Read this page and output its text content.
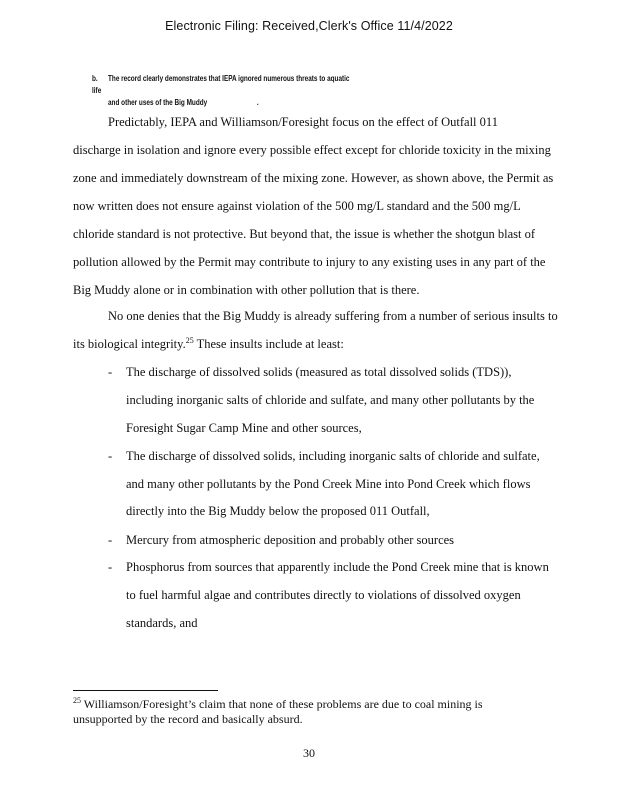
Electronic Filing: Received,Clerk's Office 11/4/2022
b. The record clearly demonstrates that IEPA ignored numerous threats to aquatic life
and other uses of the Big Muddy	.
Predictably, IEPA and Williamson/Foresight focus on the effect of Outfall 011
discharge in isolation and ignore every possible effect except for chloride toxicity in the mixing
zone and immediately downstream of the mixing zone. However, as shown above, the Permit as
now written does not ensure against violation of the 500 mg/L standard and the 500 mg/L
chloride standard is not protective. But beyond that, the issue is whether the shotgun blast of
pollution allowed by the Permit may contribute to injury to any existing uses in any part of the
Big Muddy alone or in combination with other pollution that is there.
No one denies that the Big Muddy is already suffering from a number of serious insults to
its biological integrity.$^{25}$ These insults include at least:
- The discharge of dissolved solids (measured as total dissolved solids (TDS)),
including inorganic salts of chloride and sulfate, and many other pollutants by the
Foresight Sugar Camp Mine and other sources,
- The discharge of dissolved solids, including inorganic salts of chloride and sulfate,
and many other pollutants by the Pond Creek Mine into Pond Creek which flows
directly into the Big Muddy below the proposed 011 Outfall,
- Mercury from atmospheric deposition and probably other sources
- Phosphorus from sources that apparently include the Pond Creek mine that is known
to fuel harmful algae and contributes directly to violations of dissolved oxygen
standards, and
$^{25}$ Williamson/Foresight’s claim that none of these problems are due to coal mining is
unsupported by the record and basically absurd.
30
